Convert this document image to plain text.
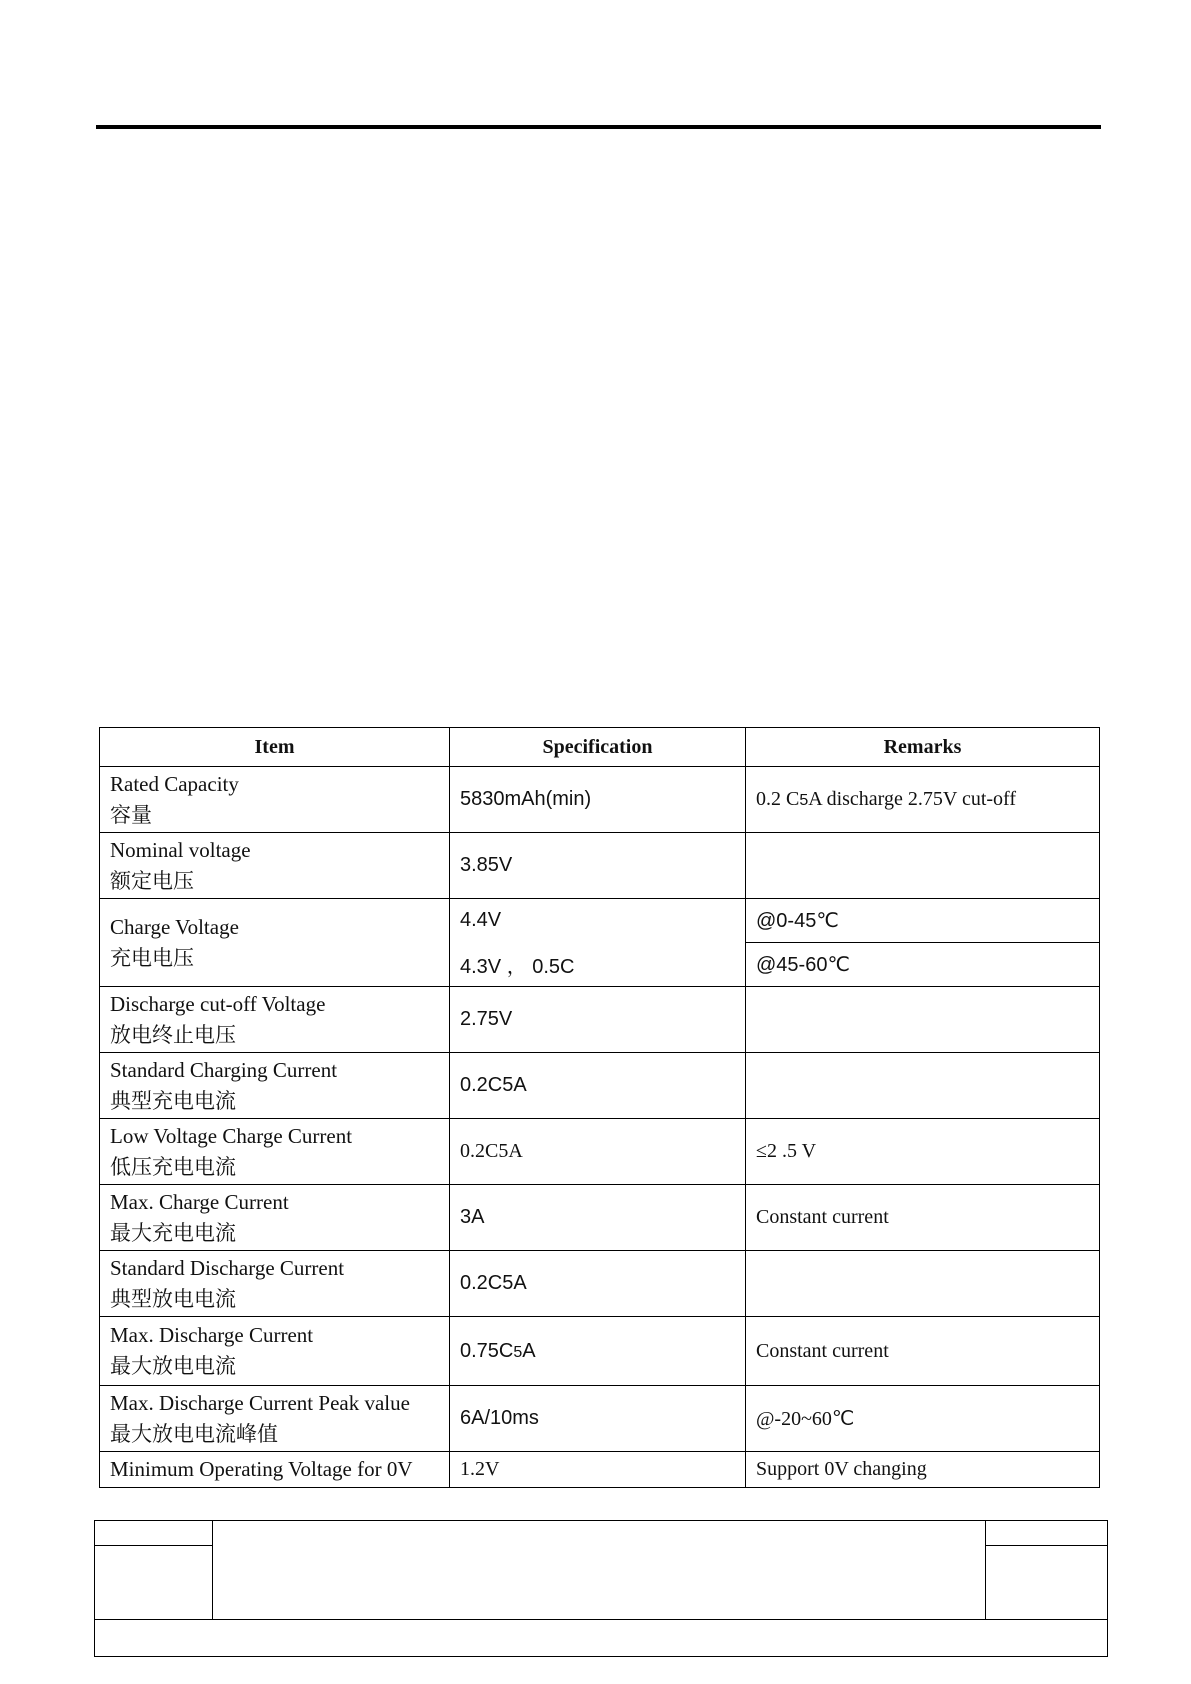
Item	Specification	Remarks

Rated Capacity
容量	5830mAh(min)	0.2 C5A discharge 2.75V cut-off

Nominal voltage
额定电压	3.85V	

Charge Voltage
充电电压	4.4V	@0-45℃
	4.3V ， 0.5C	@45-60℃

Discharge cut-off Voltage
放电终止电压	2.75V	

Standard Charging Current
典型充电电流	0.2C5A	

Low Voltage Charge Current
低压充电电流	0.2C5A	≤2 .5 V

Max. Charge Current
最大充电电流	3A	Constant current

Standard Discharge Current
典型放电电流	0.2C5A	

Max. Discharge Current
最大放电电流	0.75C5A	Constant current

Max. Discharge Current Peak value
最大放电电流峰值	6A/10ms	@-20~60℃

Minimum Operating Voltage for 0V	1.2V	Support 0V changing
